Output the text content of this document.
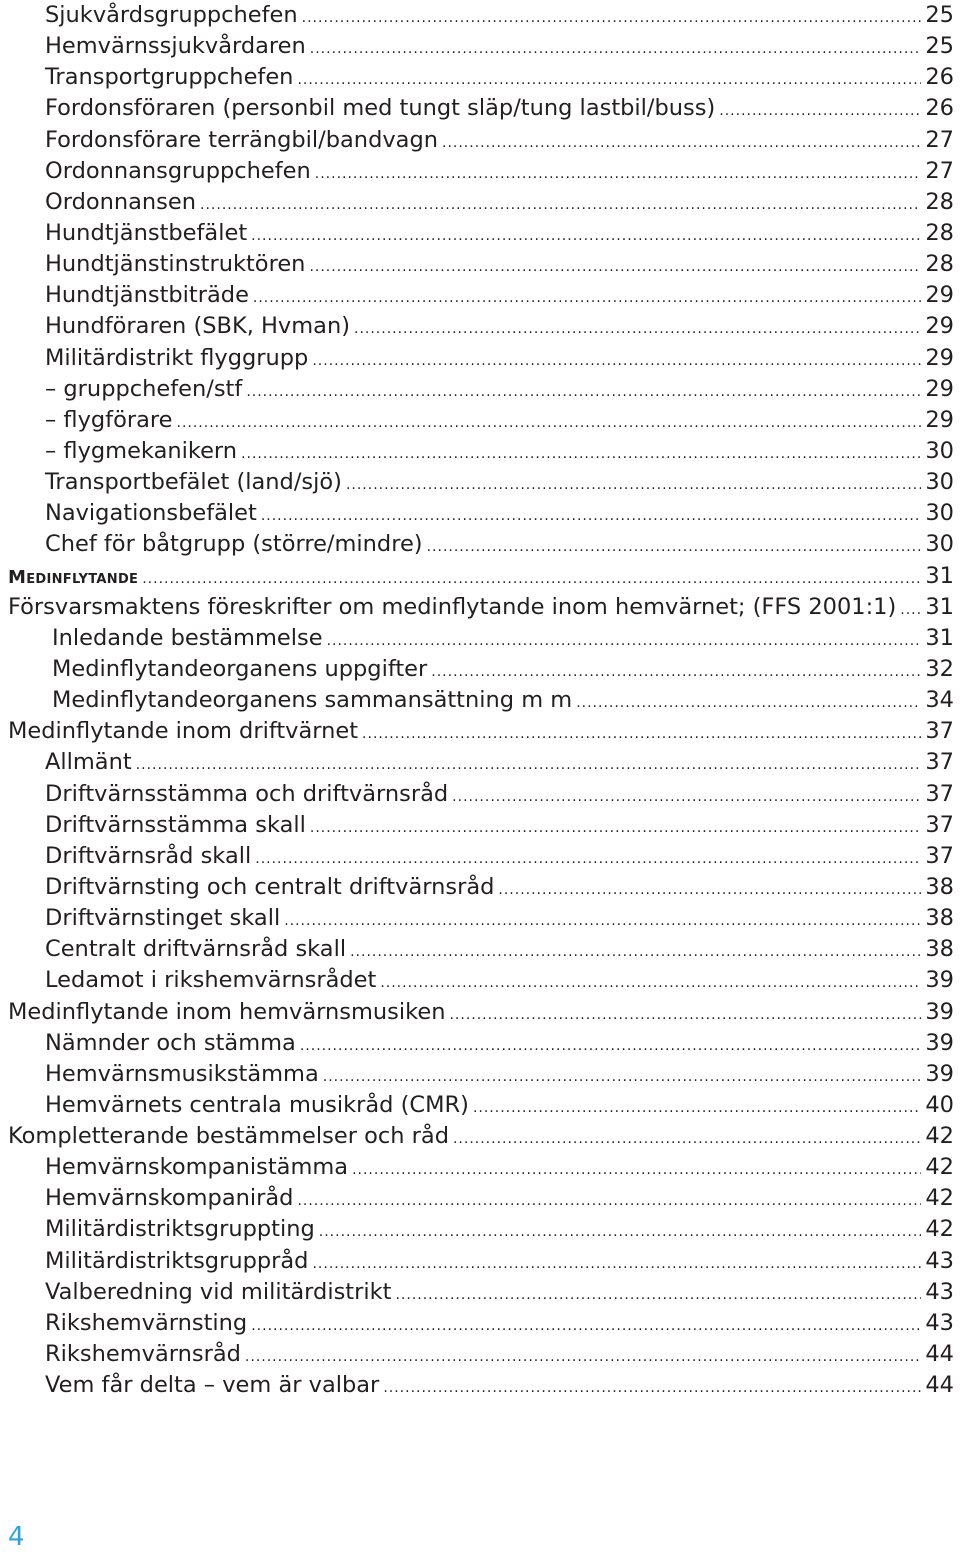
Sjukvårdsgruppchefen .....	25
Hemvärnssjukvårdaren .....	25
Transportgruppchefen .....	26
Fordonsföraren (personbil med tungt släp/tung lastbil/buss) .....	26
Fordonsförare terrängbil/bandvagn .....	27
Ordonnansgruppchefen .....	27
Ordonnansen .....	28
Hundtjänstbefälet .....	28
Hundtjänstinstruktören .....	28
Hundtjänstbiträde .....	29
Hundföraren (SBK, Hvman) .....	29
Militärdistrikt flyggrupp .....	29
– gruppchefen/stf .....	29
– flygförare .....	29
– flygmekanikern .....	30
Transportbefälet (land/sjö) .....	30
Navigationsbefälet .....	30
Chef för båtgrupp (större/mindre) .....	30
Medinflytande .....	31
Försvarsmaktens föreskrifter om medinflytande inom hemvärnet; (FFS 2001:1) ..... 31
Inledande bestämmelse .....	31
Medinflytandeorganens uppgifter .....	32
Medinflytandeorganens sammansättning m m .....	34
Medinflytande inom driftvärnet .....	37
Allmänt .....	37
Driftvärnsstämma och driftvärnsråd .....	37
Driftvärnsstämma skall .....	37
Driftvärnsråd skall .....	37
Driftvärnsting och centralt driftvärnsråd .....	38
Driftvärnstinget skall .....	38
Centralt driftvärnsråd skall .....	38
Ledamot i rikshemvärnsrådet .....	39
Medinflytande inom hemvärnsmusiken .....	39
Nämnder och stämma .....	39
Hemvärnsmusikstämma .....	39
Hemvärnets centrala musikråd (CMR) .....	40
Kompletterande bestämmelser och råd .....	42
Hemvärnskompanistämma .....	42
Hemvärnskompaniråd .....	42
Militärdistriktsgruppting .....	42
Militärdistriktsgruppråd .....	43
Valberedning vid militärdistrikt .....	43
Rikshemvärnsting .....	43
Rikshemvärnsråd .....	44
Vem får delta – vem är valbar .....	44
4
